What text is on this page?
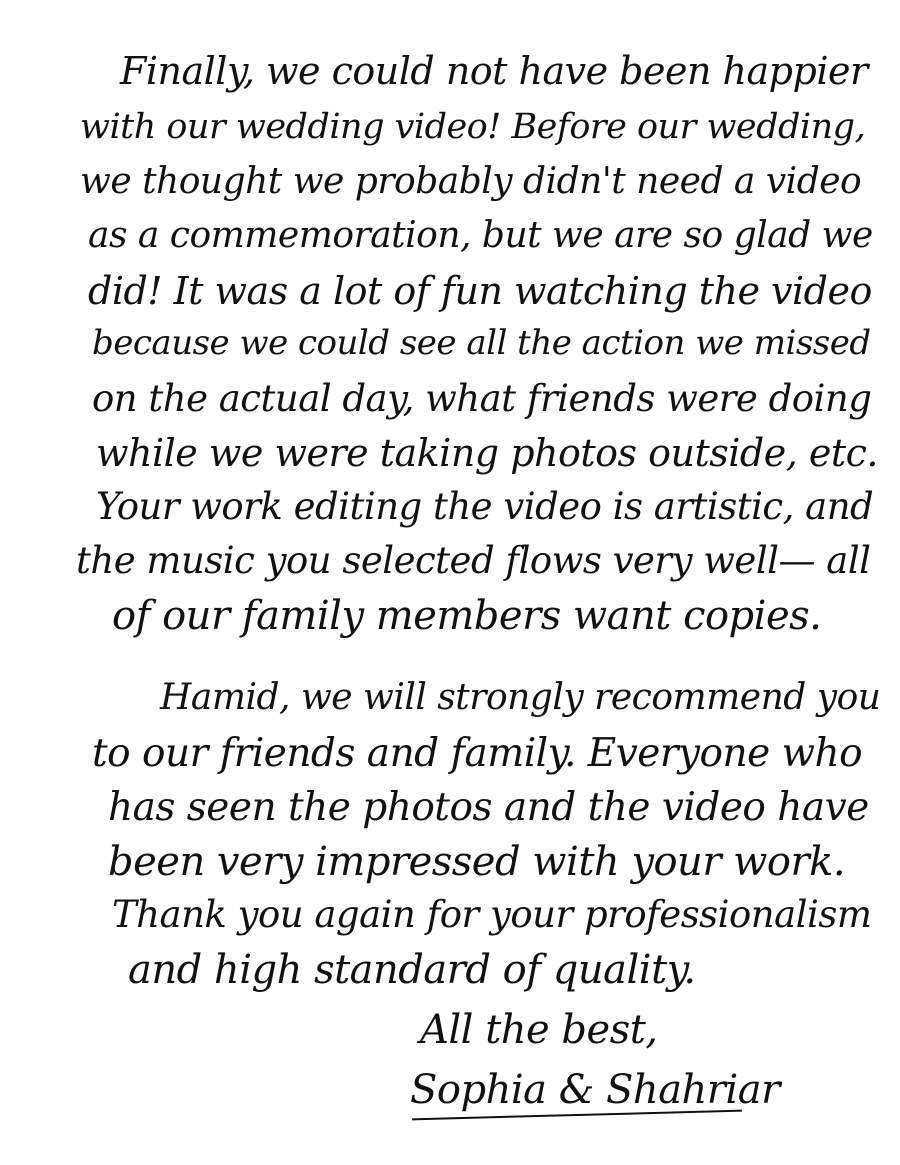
Finally, we could not have been happier
with our wedding video! Before our wedding,
we thought we probably didn't need a video
as a commemoration, but we are so glad we
did! It was a lot of fun watching the video
because we could see all the action we missed
on the actual day, what friends were doing
while we were taking photos outside, etc.
Your work editing the video is artistic, and
the music you selected flows very well— all
of our family members want copies.
Hamid, we will strongly recommend you
to our friends and family. Everyone who
has seen the photos and the video have
been very impressed with your work.
Thank you again for your professionalism
and high standard of quality.
All the best,
Sophia & Shahriar
